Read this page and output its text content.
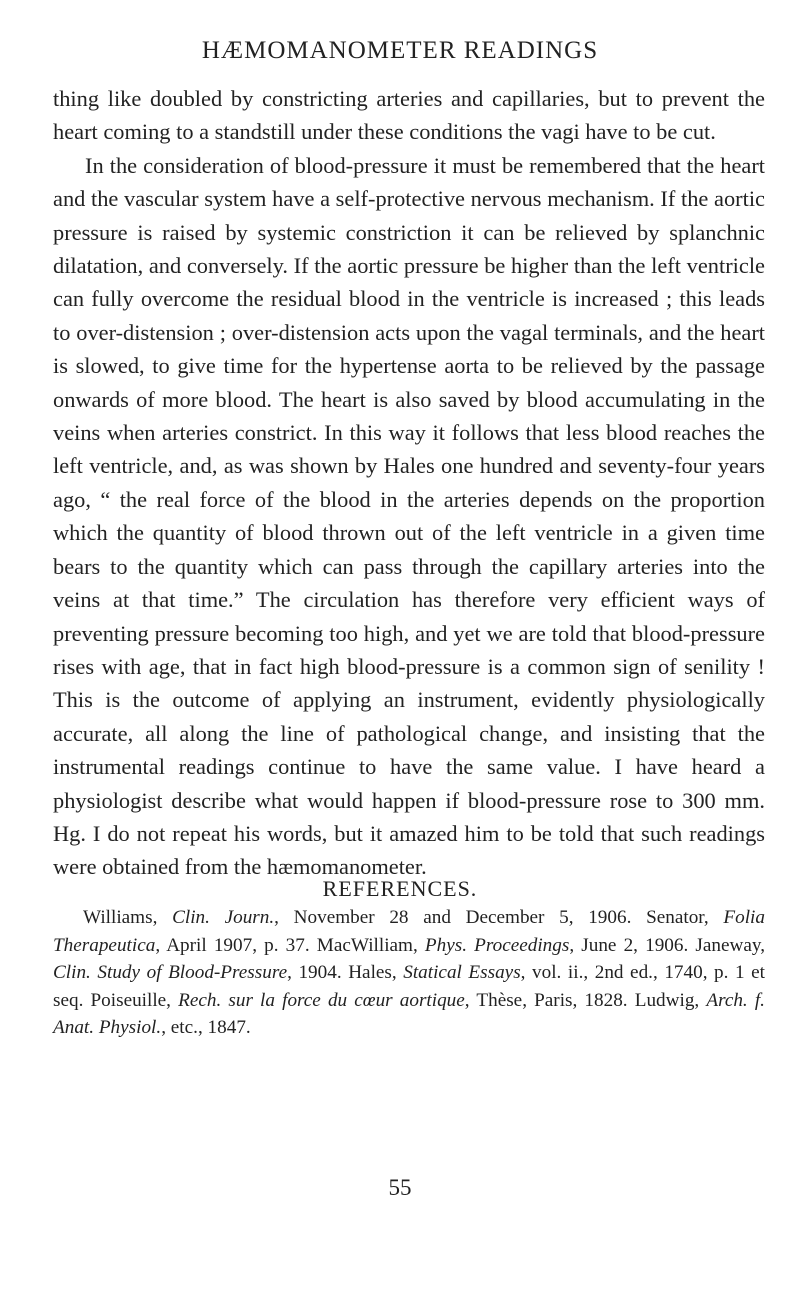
HÆMOMANOMETER READINGS

thing like doubled by constricting arteries and capillaries, but to prevent the heart coming to a standstill under these conditions the vagi have to be cut.

In the consideration of blood-pressure it must be remembered that the heart and the vascular system have a self-protective nervous mechanism. If the aortic pressure is raised by systemic constriction it can be relieved by splanchnic dilatation, and conversely. If the aortic pressure be higher than the left ventricle can fully overcome the residual blood in the ventricle is increased ; this leads to over-distension ; over-distension acts upon the vagal terminals, and the heart is slowed, to give time for the hypertense aorta to be relieved by the passage onwards of more blood. The heart is also saved by blood accumulating in the veins when arteries constrict. In this way it follows that less blood reaches the left ventricle, and, as was shown by Hales one hundred and seventy-four years ago, “ the real force of the blood in the arteries depends on the proportion which the quantity of blood thrown out of the left ventricle in a given time bears to the quantity which can pass through the capillary arteries into the veins at that time.” The circulation has therefore very efficient ways of preventing pressure becoming too high, and yet we are told that blood-pressure rises with age, that in fact high blood-pressure is a common sign of senility ! This is the outcome of applying an instrument, evidently physiologically accurate, all along the line of pathological change, and insisting that the instrumental readings continue to have the same value. I have heard a physiologist describe what would happen if blood-pressure rose to 300 mm. Hg. I do not repeat his words, but it amazed him to be told that such readings were obtained from the hæmomanometer.

REFERENCES.
Williams, Clin. Journ., November 28 and December 5, 1906. Senator, Folia Therapeutica, April 1907, p. 37. MacWilliam, Phys. Proceedings, June 2, 1906. Janeway, Clin. Study of Blood-Pressure, 1904. Hales, Statical Essays, vol. ii., 2nd ed., 1740, p. 1 et seq. Poiseuille, Rech. sur la force du cœur aortique, Thèse, Paris, 1828. Ludwig, Arch. f. Anat. Physiol., etc., 1847.
55
